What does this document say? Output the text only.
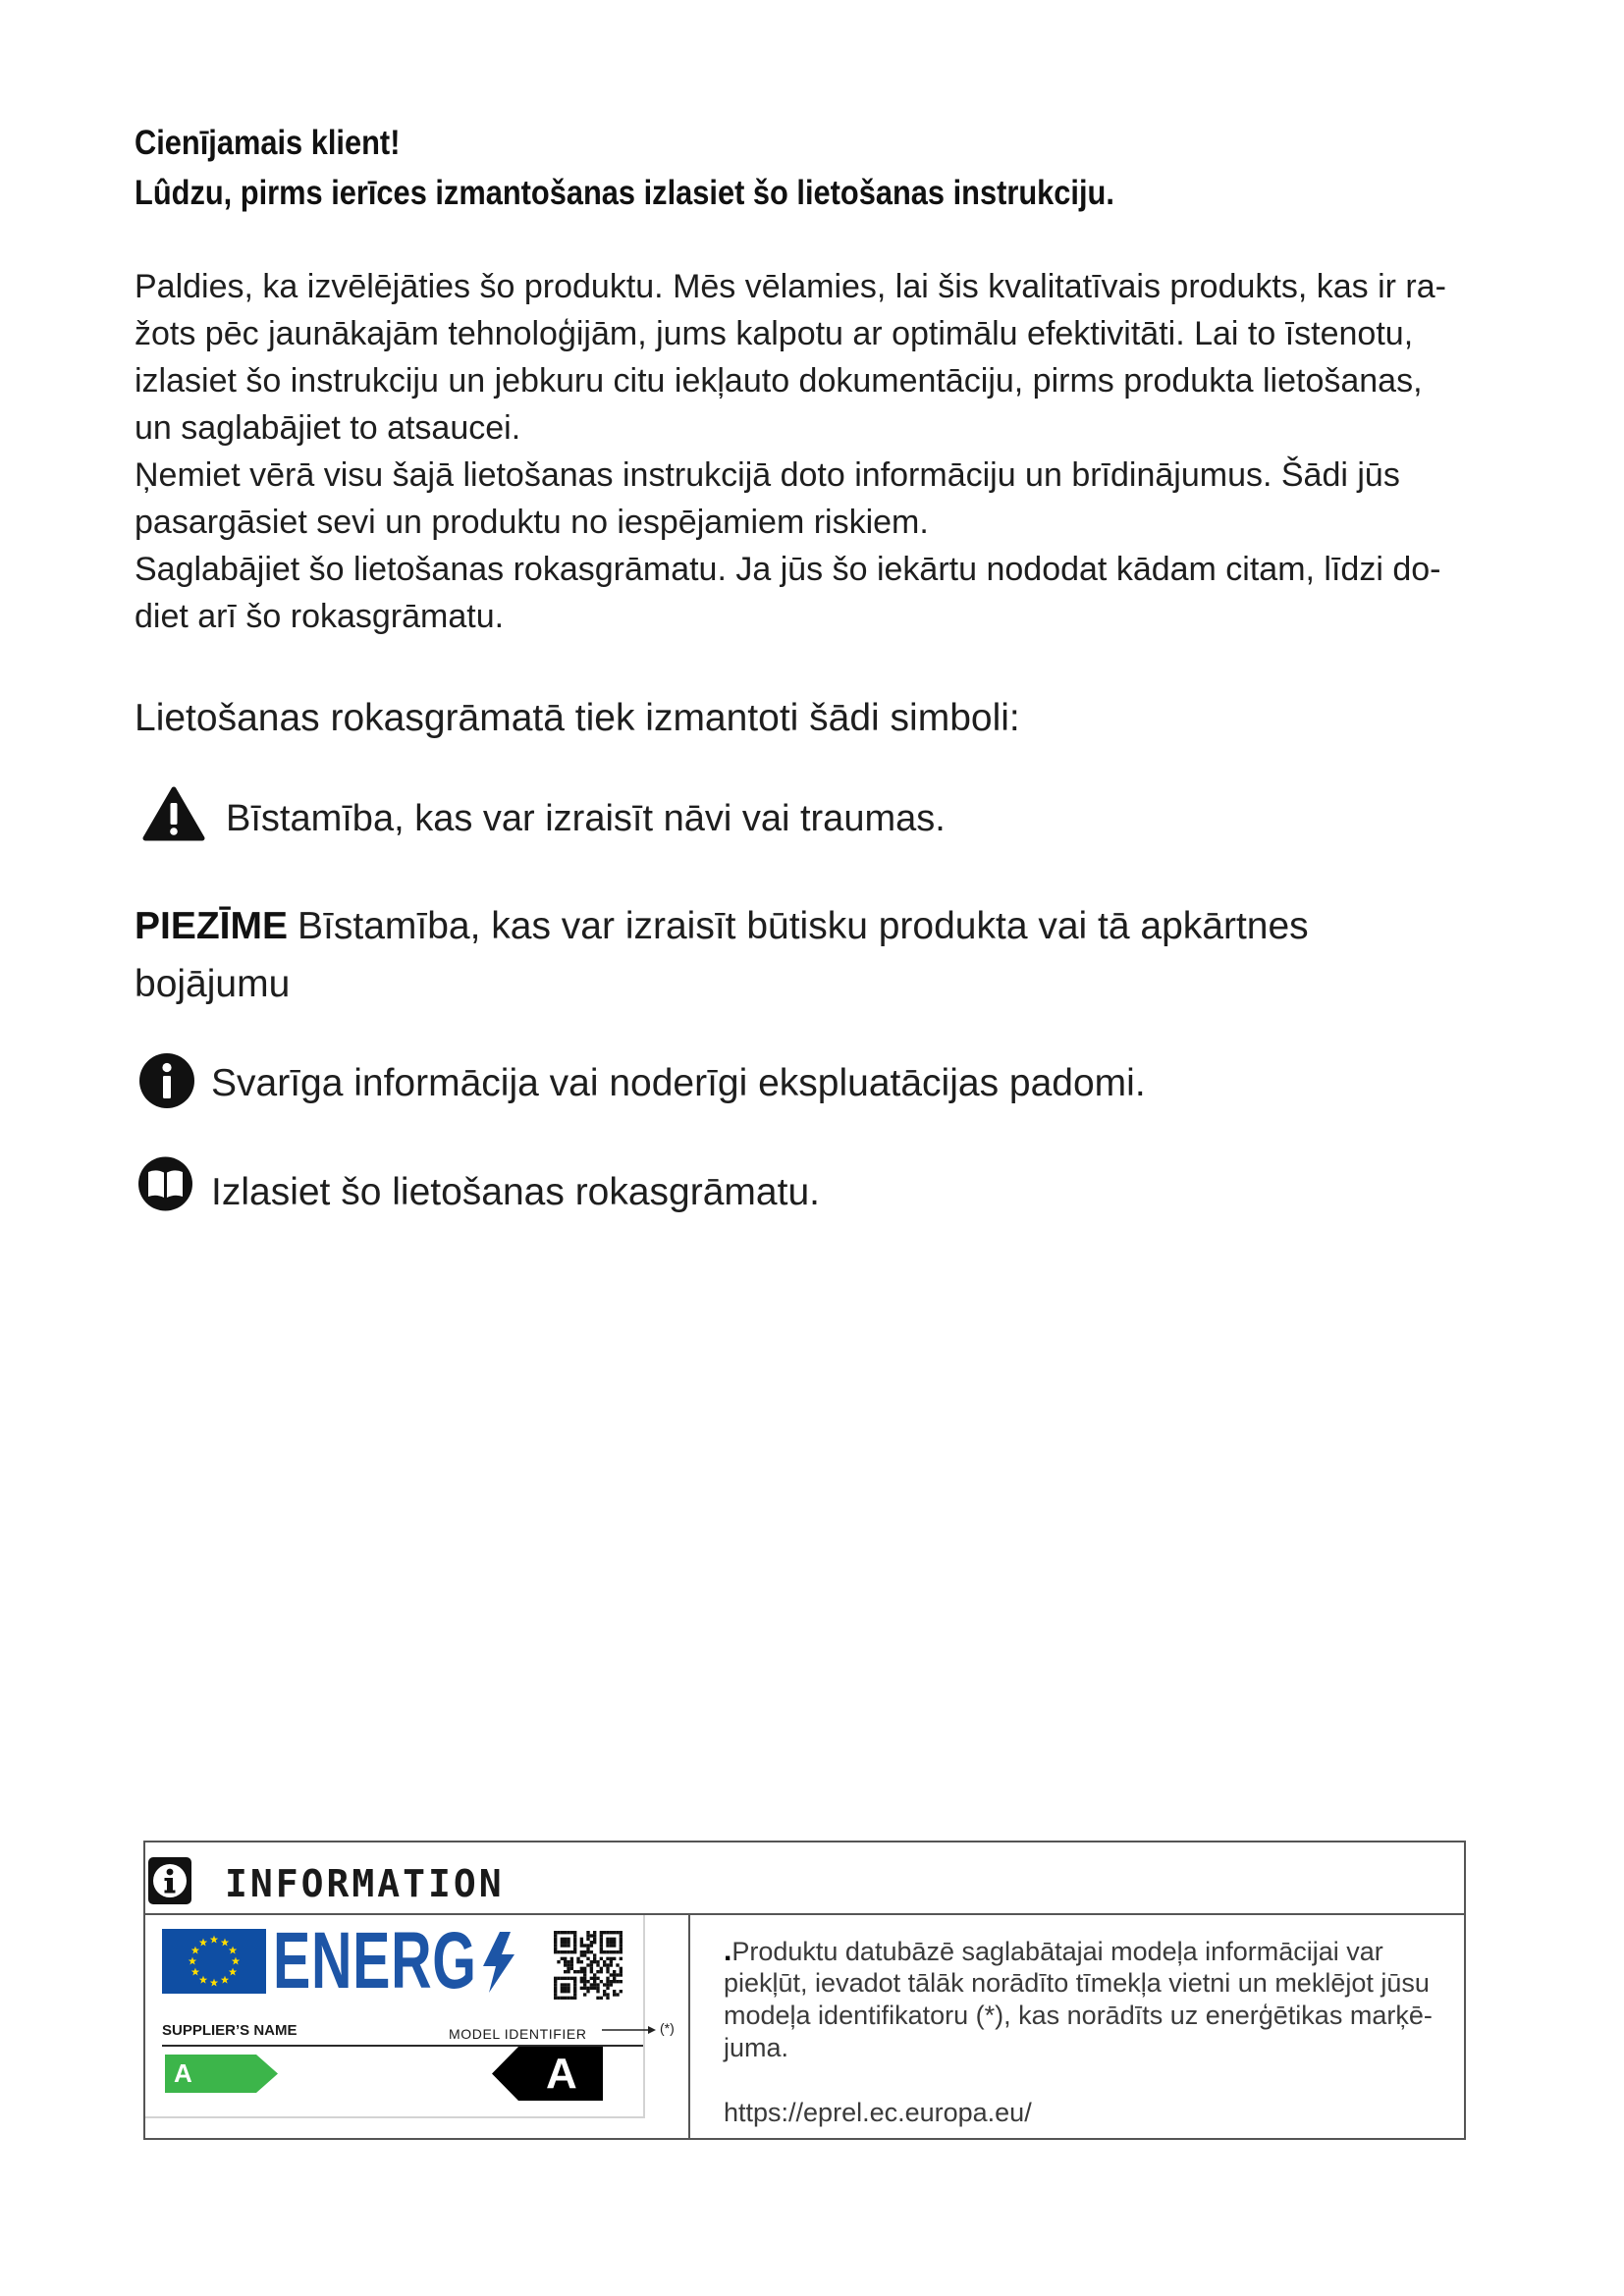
Cienījamais klient!
Lûdzu, pirms ierīces izmantošanas izlasiet šo lietošanas instrukciju.
Paldies, ka izvēlējāties šo produktu. Mēs vēlamies, lai šis kvalitatīvais produkts, kas ir ra-
žots pēc jaunākajām tehnoloģijām, jums kalpotu ar optimālu efektivitāti. Lai to īstenotu,
izlasiet šo instrukciju un jebkuru citu iekļauto dokumentāciju, pirms produkta lietošanas,
un saglabājiet to atsaucei.
Ņemiet vērā visu šajā lietošanas instrukcijā doto informāciju un brīdinājumus. Šādi jūs
pasargāsiet sevi un produktu no iespējamiem riskiem.
Saglabājiet šo lietošanas rokasgrāmatu. Ja jūs šo iekārtu nododat kādam citam, līdzi do-
diet arī šo rokasgrāmatu.
Lietošanas rokasgrāmatā tiek izmantoti šādi simboli:
Bīstamība, kas var izraisīt nāvi vai traumas.
PIEZĪME Bīstamība, kas var izraisīt būtisku produkta vai tā apkārtnes
bojājumu
Svarīga informācija vai noderīgi ekspluatācijas padomi.
Izlasiet šo lietošanas rokasgrāmatu.
INFORMATION
ENERG
SUPPLIER’S NAME	MODEL IDENTIFIER	(*)
A	A
.Produktu datubāzē saglabātajai modeļa informācijai var
piekļūt, ievadot tālāk norādīto tīmekļa vietni un meklējot jūsu
modeļa identifikatoru (*), kas norādīts uz enerģētikas marķē-
juma.
https://eprel.ec.europa.eu/
